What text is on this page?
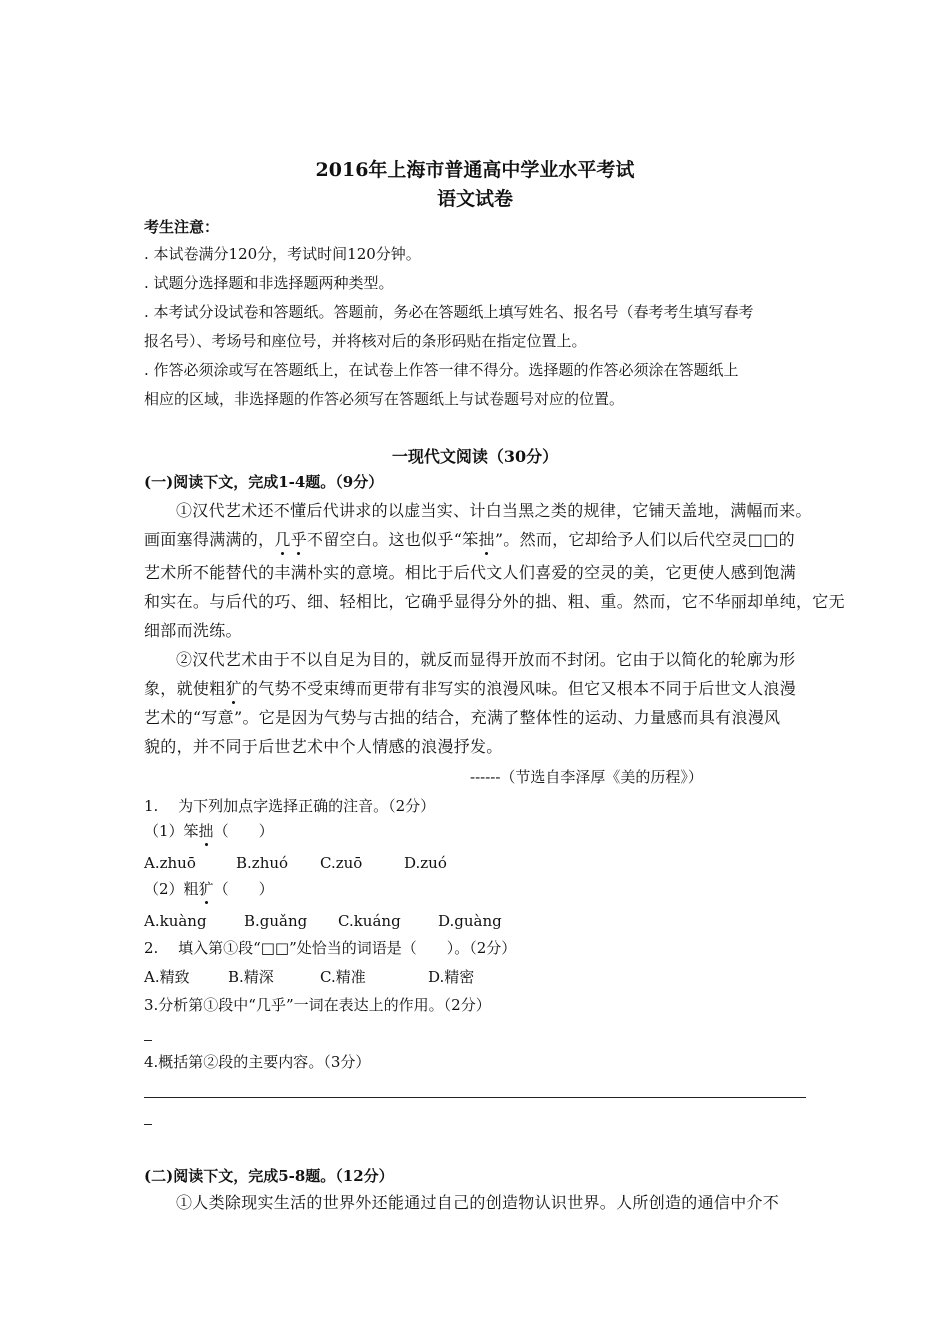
2016年上海市普通高中学业水平考试
语文试卷
考生注意：
. 本试卷满分120分，考试时间120分钟。
. 试题分选择题和非选择题两种类型。
. 本考试分设试卷和答题纸。答题前，务必在答题纸上填写姓名、报名号（春考考生填写春考
报名号）、考场号和座位号，并将核对后的条形码贴在指定位置上。
. 作答必须涂或写在答题纸上，在试卷上作答一律不得分。选择题的作答必须涂在答题纸上
相应的区域，非选择题的作答必须写在答题纸上与试卷题号对应的位置。
一现代文阅读（30分）
(一)阅读下文，完成1-4题。（9分）
①汉代艺术还不懂后代讲求的以虚当实、计白当黑之类的规律，它铺天盖地，满幅而来。
画面塞得满满的，几乎不留空白。这也似乎“笨拙”。然而，它却给予人们以后代空灵□□的
艺术所不能替代的丰满朴实的意境。相比于后代文人们喜爱的空灵的美，它更使人感到饱满
和实在。与后代的巧、细、轻相比，它确乎显得分外的拙、粗、重。然而，它不华丽却单纯，它无
细部而洗练。
②汉代艺术由于不以自足为目的，就反而显得开放而不封闭。它由于以简化的轮廓为形
象，就使粗犷的气势不受束缚而更带有非写实的浪漫风味。但它又根本不同于后世文人浪漫
艺术的“写意”。它是因为气势与古拙的结合，充满了整体性的运动、力量感而具有浪漫风
貌的，并不同于后世艺术中个人情感的浪漫抒发。
------（节选自李泽厚《美的历程》）
1.　 为下列加点字选择正确的注音。（2分）
（1）笨拙（　　）
A.zhuō	B.zhuó C.zuō	D.zuó
（2）粗犷（　　）
A.kuàng B.guǎng C.kuáng D.guàng
2.　 填入第①段“□□”处恰当的词语是（　　）。（2分）
A.精致	B.精深	C.精准	D.精密
3.分析第①段中“几乎”一词在表达上的作用。（2分）
4.概括第②段的主要内容。（3分）
(二)阅读下文，完成5-8题。（12分）
①人类除现实生活的世界外还能通过自己的创造物认识世界。人所创造的通信中介不
